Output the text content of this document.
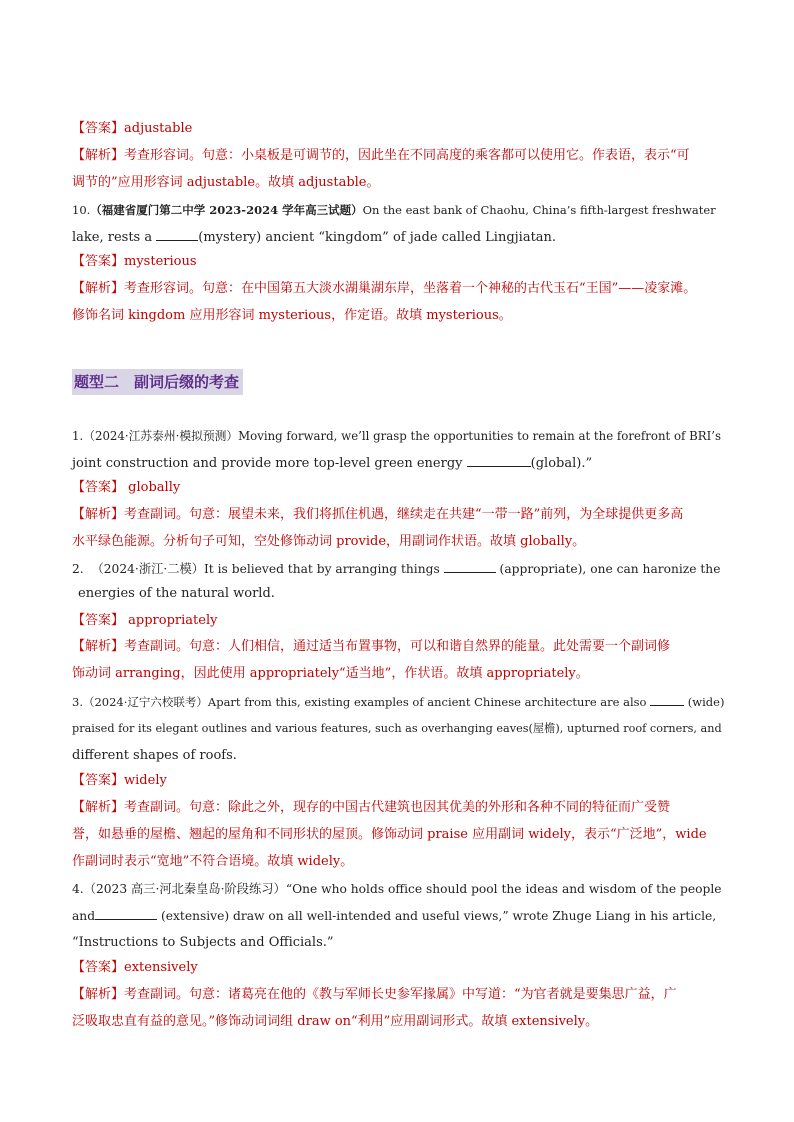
【答案】adjustable
【解析】考查形容词。句意：小桌板是可调节的，因此坐在不同高度的乘客都可以使用它。作表语，表示“可
调节的”应用形容词 adjustable。故填 adjustable。
10.（福建省厦门第二中学 2023-2024 学年高三试题）On the east bank of Chaohu, China’s fifth-largest freshwater
lake, rests a	(mystery) ancient “kingdom” of jade called Lingjiatan.
【答案】mysterious
【解析】考查形容词。句意：在中国第五大淡水湖巢湖东岸，坐落着一个神秘的古代玉石“王国”——凌家滩。
修饰名词 kingdom 应用形容词 mysterious，作定语。故填 mysterious。
题型二　副词后缀的考查
1.（2024·江苏泰州·模拟预测）Moving forward, we’ll grasp the opportunities to remain at the forefront of BRI’s
joint construction and provide more top-level green energy	(global).”
【答案】 globally
【解析】考查副词。句意：展望未来，我们将抓住机遇，继续走在共建“一带一路”前列，为全球提供更多高
水平绿色能源。分析句子可知，空处修饰动词 provide，用副词作状语。故填 globally。
2. （2024·浙江·二模）It is believed that by arranging things	(appropriate), one can haronize the
energies of the natural world.
【答案】 appropriately
【解析】考查副词。句意：人们相信，通过适当布置事物，可以和谐自然界的能量。此处需要一个副词修
饰动词 arranging，因此使用 appropriately“适当地”，作状语。故填 appropriately。
3.（2024·辽宁六校联考）Apart from this, existing examples of ancient Chinese architecture are also	(wide)
praised for its elegant outlines and various features, such as overhanging eaves(屋檐), upturned roof corners, and
different shapes of roofs.
【答案】widely
【解析】考查副词。句意：除此之外，现存的中国古代建筑也因其优美的外形和各种不同的特征而广受赞
誉，如悬垂的屋檐、翘起的屋角和不同形状的屋顶。修饰动词 praise 应用副词 widely，表示“广泛地”，wide
作副词时表示“宽地”不符合语境。故填 widely。
4.（2023 高三·河北秦皇岛·阶段练习）“One who holds office should pool the ideas and wisdom of the people
and	(extensive) draw on all well-intended and useful views,” wrote Zhuge Liang in his article,
“Instructions to Subjects and Officials.”
【答案】extensively
【解析】考查副词。句意：诸葛亮在他的《教与军师长史参军掾属》中写道：“为官者就是要集思广益，广
泛吸取忠直有益的意见。”修饰动词词组 draw on“利用”应用副词形式。故填 extensively。
